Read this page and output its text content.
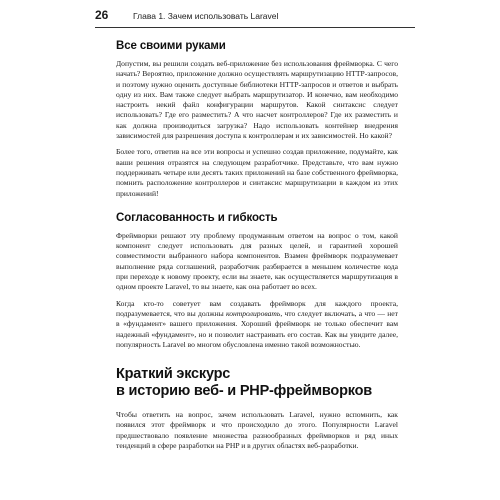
26	Глава 1. Зачем использовать Laravel
Все своими руками

Допустим, вы решили создать веб-приложение без использования фреймворка. С чего начать? Вероятно, приложение должно осуществлять маршрутизацию HTTP-запросов, и поэтому нужно оценить доступные библиотеки HTTP-запросов и ответов и выбрать одну из них. Вам также следует выбрать маршрутизатор. И конечно, вам необходимо настроить некий файл конфигурации маршрутов. Какой синтаксис следует использовать? Где его разместить? А что насчет контроллеров? Где их разместить и как должна производиться загрузка? Надо использовать контейнер внедрения зависимостей для разрешения доступа к контроллерам и их зависимостей. Но какой?

Более того, ответив на все эти вопросы и успешно создав приложение, подумайте, как ваши решения отразятся на следующем разработчике. Представьте, что вам нужно поддерживать четыре или десять таких приложений на базе собственного фреймворка, помнить расположение контроллеров и синтаксис маршрутизации в каждом из этих приложений!

Согласованность и гибкость

Фреймворки решают эту проблему продуманным ответом на вопрос о том, какой компонент следует использовать для разных целей, и гарантией хорошей совместимости выбранного набора компонентов. Взамен фреймворк подразумевает выполнение ряда соглашений, разработчик разбирается в меньшем количестве кода при переходе к новому проекту, если вы знаете, как осуществляется маршрутизация в одном проекте Laravel, то вы знаете, как она работает во всех.

Когда кто-то советует вам создавать фреймворк для каждого проекта, подразумевается, что вы должны контролировать, что следует включать, а что — нет в «фундамент» вашего приложения. Хороший фреймворк не только обеспечит вам надежный «фундамент», но и позволит настраивать его состав. Как вы увидите далее, популярность Laravel во многом обусловлена именно такой возможностью.

Краткий экскурс
в историю веб- и PHP-фреймворков

Чтобы ответить на вопрос, зачем использовать Laravel, нужно вспомнить, как появился этот фреймворк и что происходило до этого. Популярности Laravel предшествовало появление множества разнообразных фреймворков и ряд иных тенденций в сфере разработки на PHP и в других областях веб-разработки.
